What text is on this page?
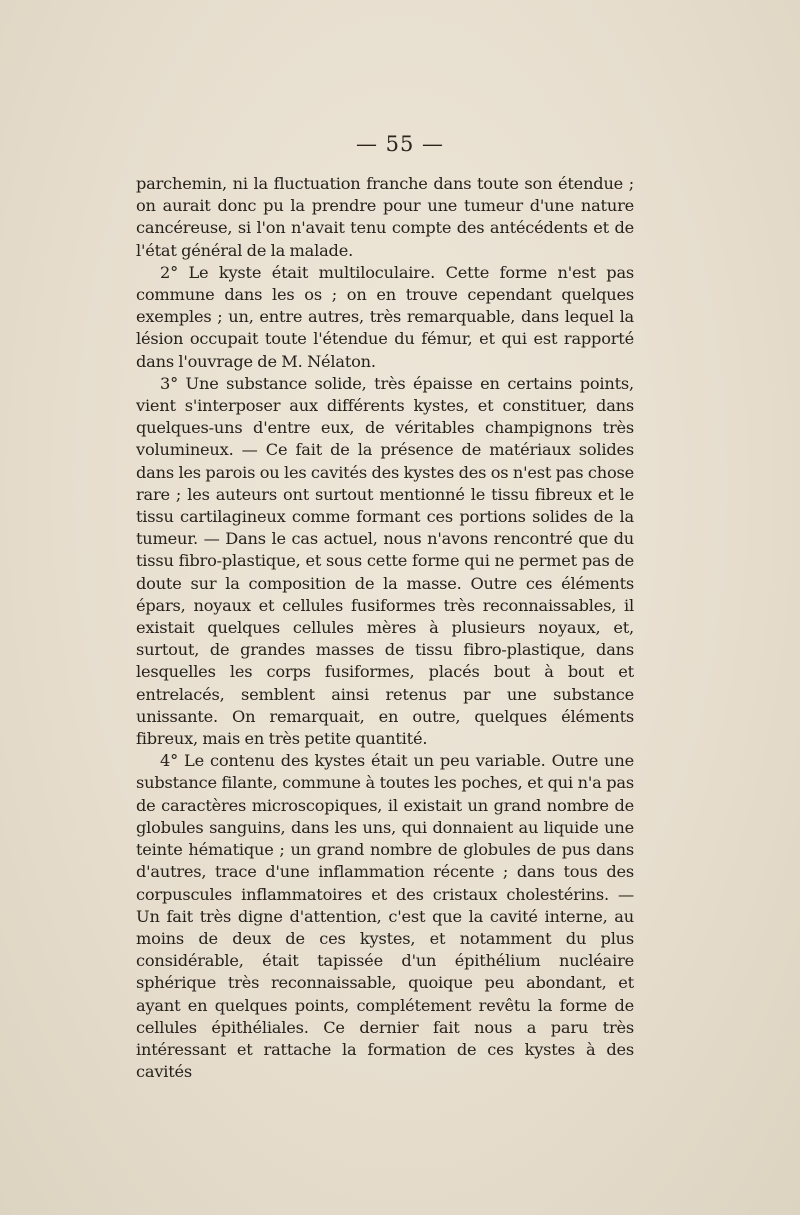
— 55 —

parchemin, ni la fluctuation franche dans toute son étendue ; on aurait donc pu la prendre pour une tumeur d'une nature cancéreuse, si l'on n'avait tenu compte des antécédents et de l'état général de la malade.

2° Le kyste était multiloculaire. Cette forme n'est pas commune dans les os ; on en trouve cependant quelques exemples ; un, entre autres, très remarquable, dans lequel la lésion occupait toute l'étendue du fémur, et qui est rapporté dans l'ouvrage de M. Nélaton.

3° Une substance solide, très épaisse en certains points, vient s'interposer aux différents kystes, et constituer, dans quelques-uns d'entre eux, de véritables champignons très volumineux. — Ce fait de la présence de matériaux solides dans les parois ou les cavités des kystes des os n'est pas chose rare ; les auteurs ont surtout mentionné le tissu fibreux et le tissu cartilagineux comme formant ces portions solides de la tumeur. — Dans le cas actuel, nous n'avons rencontré que du tissu fibro-plastique, et sous cette forme qui ne permet pas de doute sur la composition de la masse. Outre ces éléments épars, noyaux et cellules fusiformes très reconnaissables, il existait quelques cellules mères à plusieurs noyaux, et, surtout, de grandes masses de tissu fibro-plastique, dans lesquelles les corps fusiformes, placés bout à bout et entrelacés, semblent ainsi retenus par une substance unissante. On remarquait, en outre, quelques éléments fibreux, mais en très petite quantité.

4° Le contenu des kystes était un peu variable. Outre une substance filante, commune à toutes les poches, et qui n'a pas de caractères microscopiques, il existait un grand nombre de globules sanguins, dans les uns, qui donnaient au liquide une teinte hématique ; un grand nombre de globules de pus dans d'autres, trace d'une inflammation récente ; dans tous des corpuscules inflammatoires et des cristaux cholestérins. — Un fait très digne d'attention, c'est que la cavité interne, au moins de deux de ces kystes, et notamment du plus considérable, était tapissée d'un épithélium nucléaire sphérique très reconnaissable, quoique peu abondant, et ayant en quelques points, complétement revêtu la forme de cellules épithéliales. Ce dernier fait nous a paru très intéressant et rattache la formation de ces kystes à des cavités
